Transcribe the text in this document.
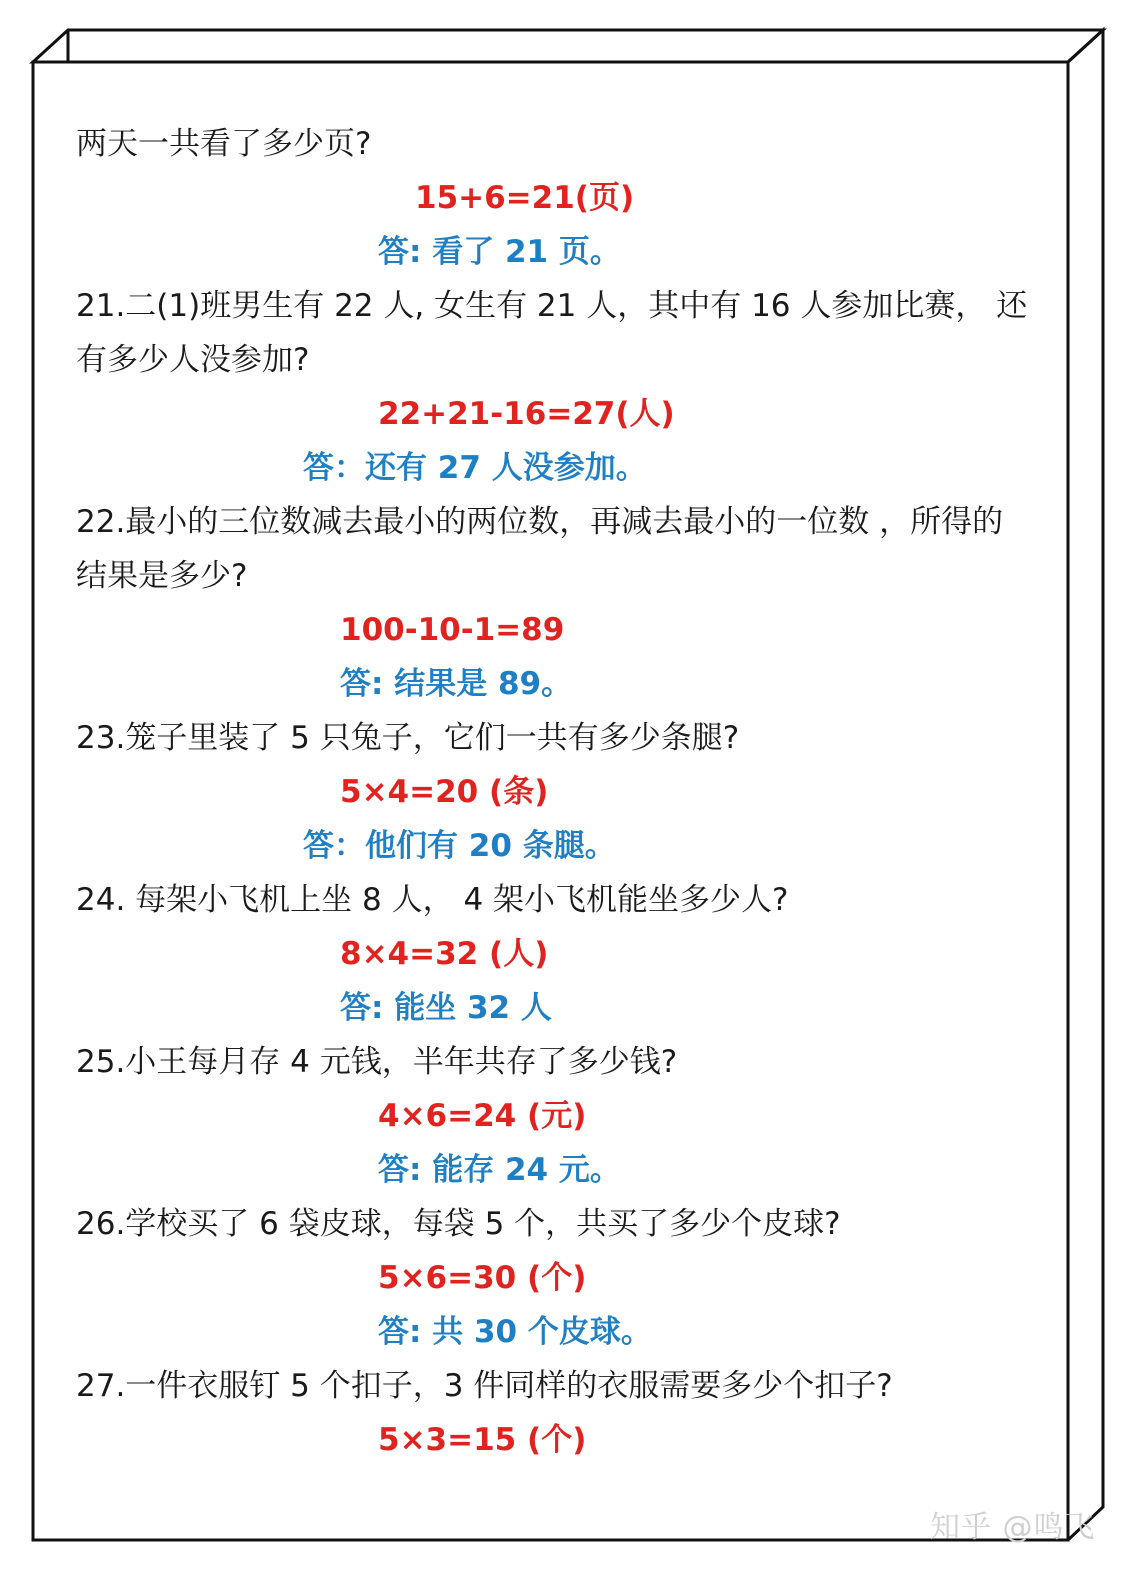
两天一共看了多少页?
15+6=21(页)
答: 看了 21 页。
21.二(1)班男生有 22 人, 女生有 21 人，其中有 16 人参加比赛， 还
有多少人没参加?
22+21-16=27(人)
答：还有 27 人没参加。
22.最小的三位数减去最小的两位数，再减去最小的一位数 ，所得的
结果是多少?
100-10-1=89
答: 结果是 89。
23.笼子里装了 5 只兔子，它们一共有多少条腿?
5×4=20 (条)
答：他们有 20 条腿。
24. 每架小飞机上坐 8 人， 4 架小飞机能坐多少人?
8×4=32 (人)
答: 能坐 32 人
25.小王每月存 4 元钱，半年共存了多少钱?
4×6=24 (元)
答: 能存 24 元。
26.学校买了 6 袋皮球，每袋 5 个，共买了多少个皮球?
5×6=30 (个)
答: 共 30 个皮球。
27.一件衣服钉 5 个扣子，3 件同样的衣服需要多少个扣子?
5×3=15 (个)
知乎 @鸣飞
